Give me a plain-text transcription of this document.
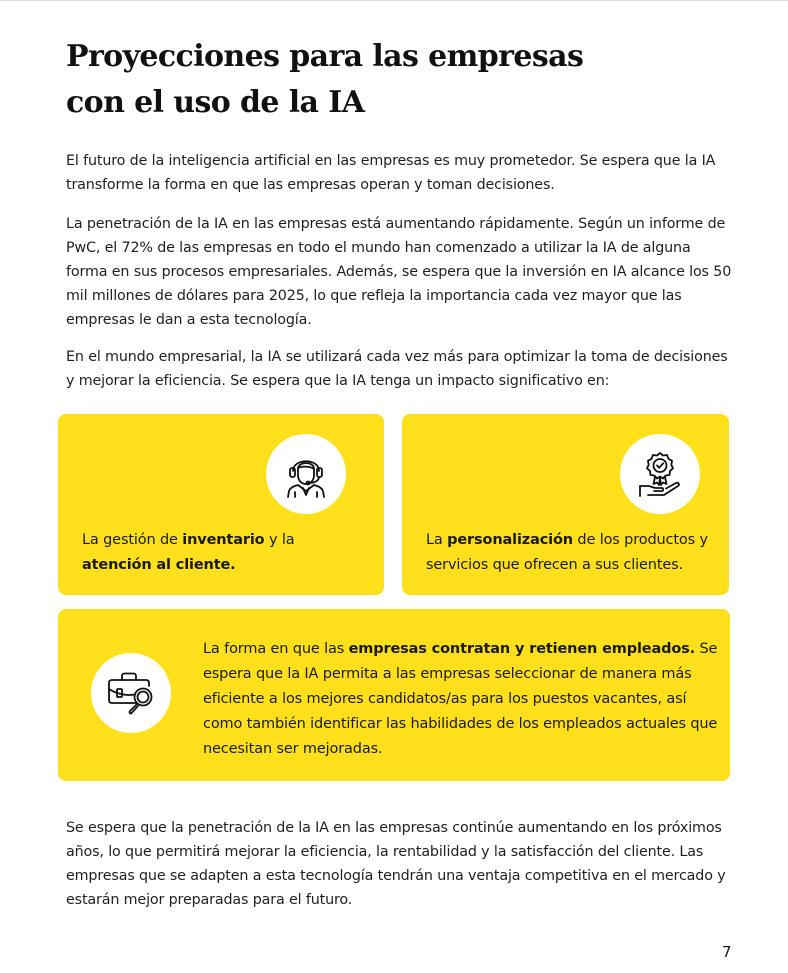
Proyecciones para las empresas
con el uso de la IA

El futuro de la inteligencia artificial en las empresas es muy prometedor. Se espera que la IA transforme la forma en que las empresas operan y toman decisiones.

La penetración de la IA en las empresas está aumentando rápidamente. Según un informe de PwC, el 72% de las empresas en todo el mundo han comenzado a utilizar la IA de alguna forma en sus procesos empresariales. Además, se espera que la inversión en IA alcance los 50 mil millones de dólares para 2025, lo que refleja la importancia cada vez mayor que las empresas le dan a esta tecnología.

En el mundo empresarial, la IA se utilizará cada vez más para optimizar la toma de decisiones y mejorar la eficiencia. Se espera que la IA tenga un impacto significativo en:

La gestión de inventario y la
atención al cliente.

La personalización de los productos y servicios que ofrecen a sus clientes.

La forma en que las empresas contratan y retienen empleados. Se espera que la IA permita a las empresas seleccionar de manera más eficiente a los mejores candidatos/as para los puestos vacantes, así como también identificar las habilidades de los empleados actuales que necesitan ser mejoradas.

Se espera que la penetración de la IA en las empresas continúe aumentando en los próximos años, lo que permitirá mejorar la eficiencia, la rentabilidad y la satisfacción del cliente. Las empresas que se adapten a esta tecnología tendrán una ventaja competitiva en el mercado y estarán mejor preparadas para el futuro.

7
